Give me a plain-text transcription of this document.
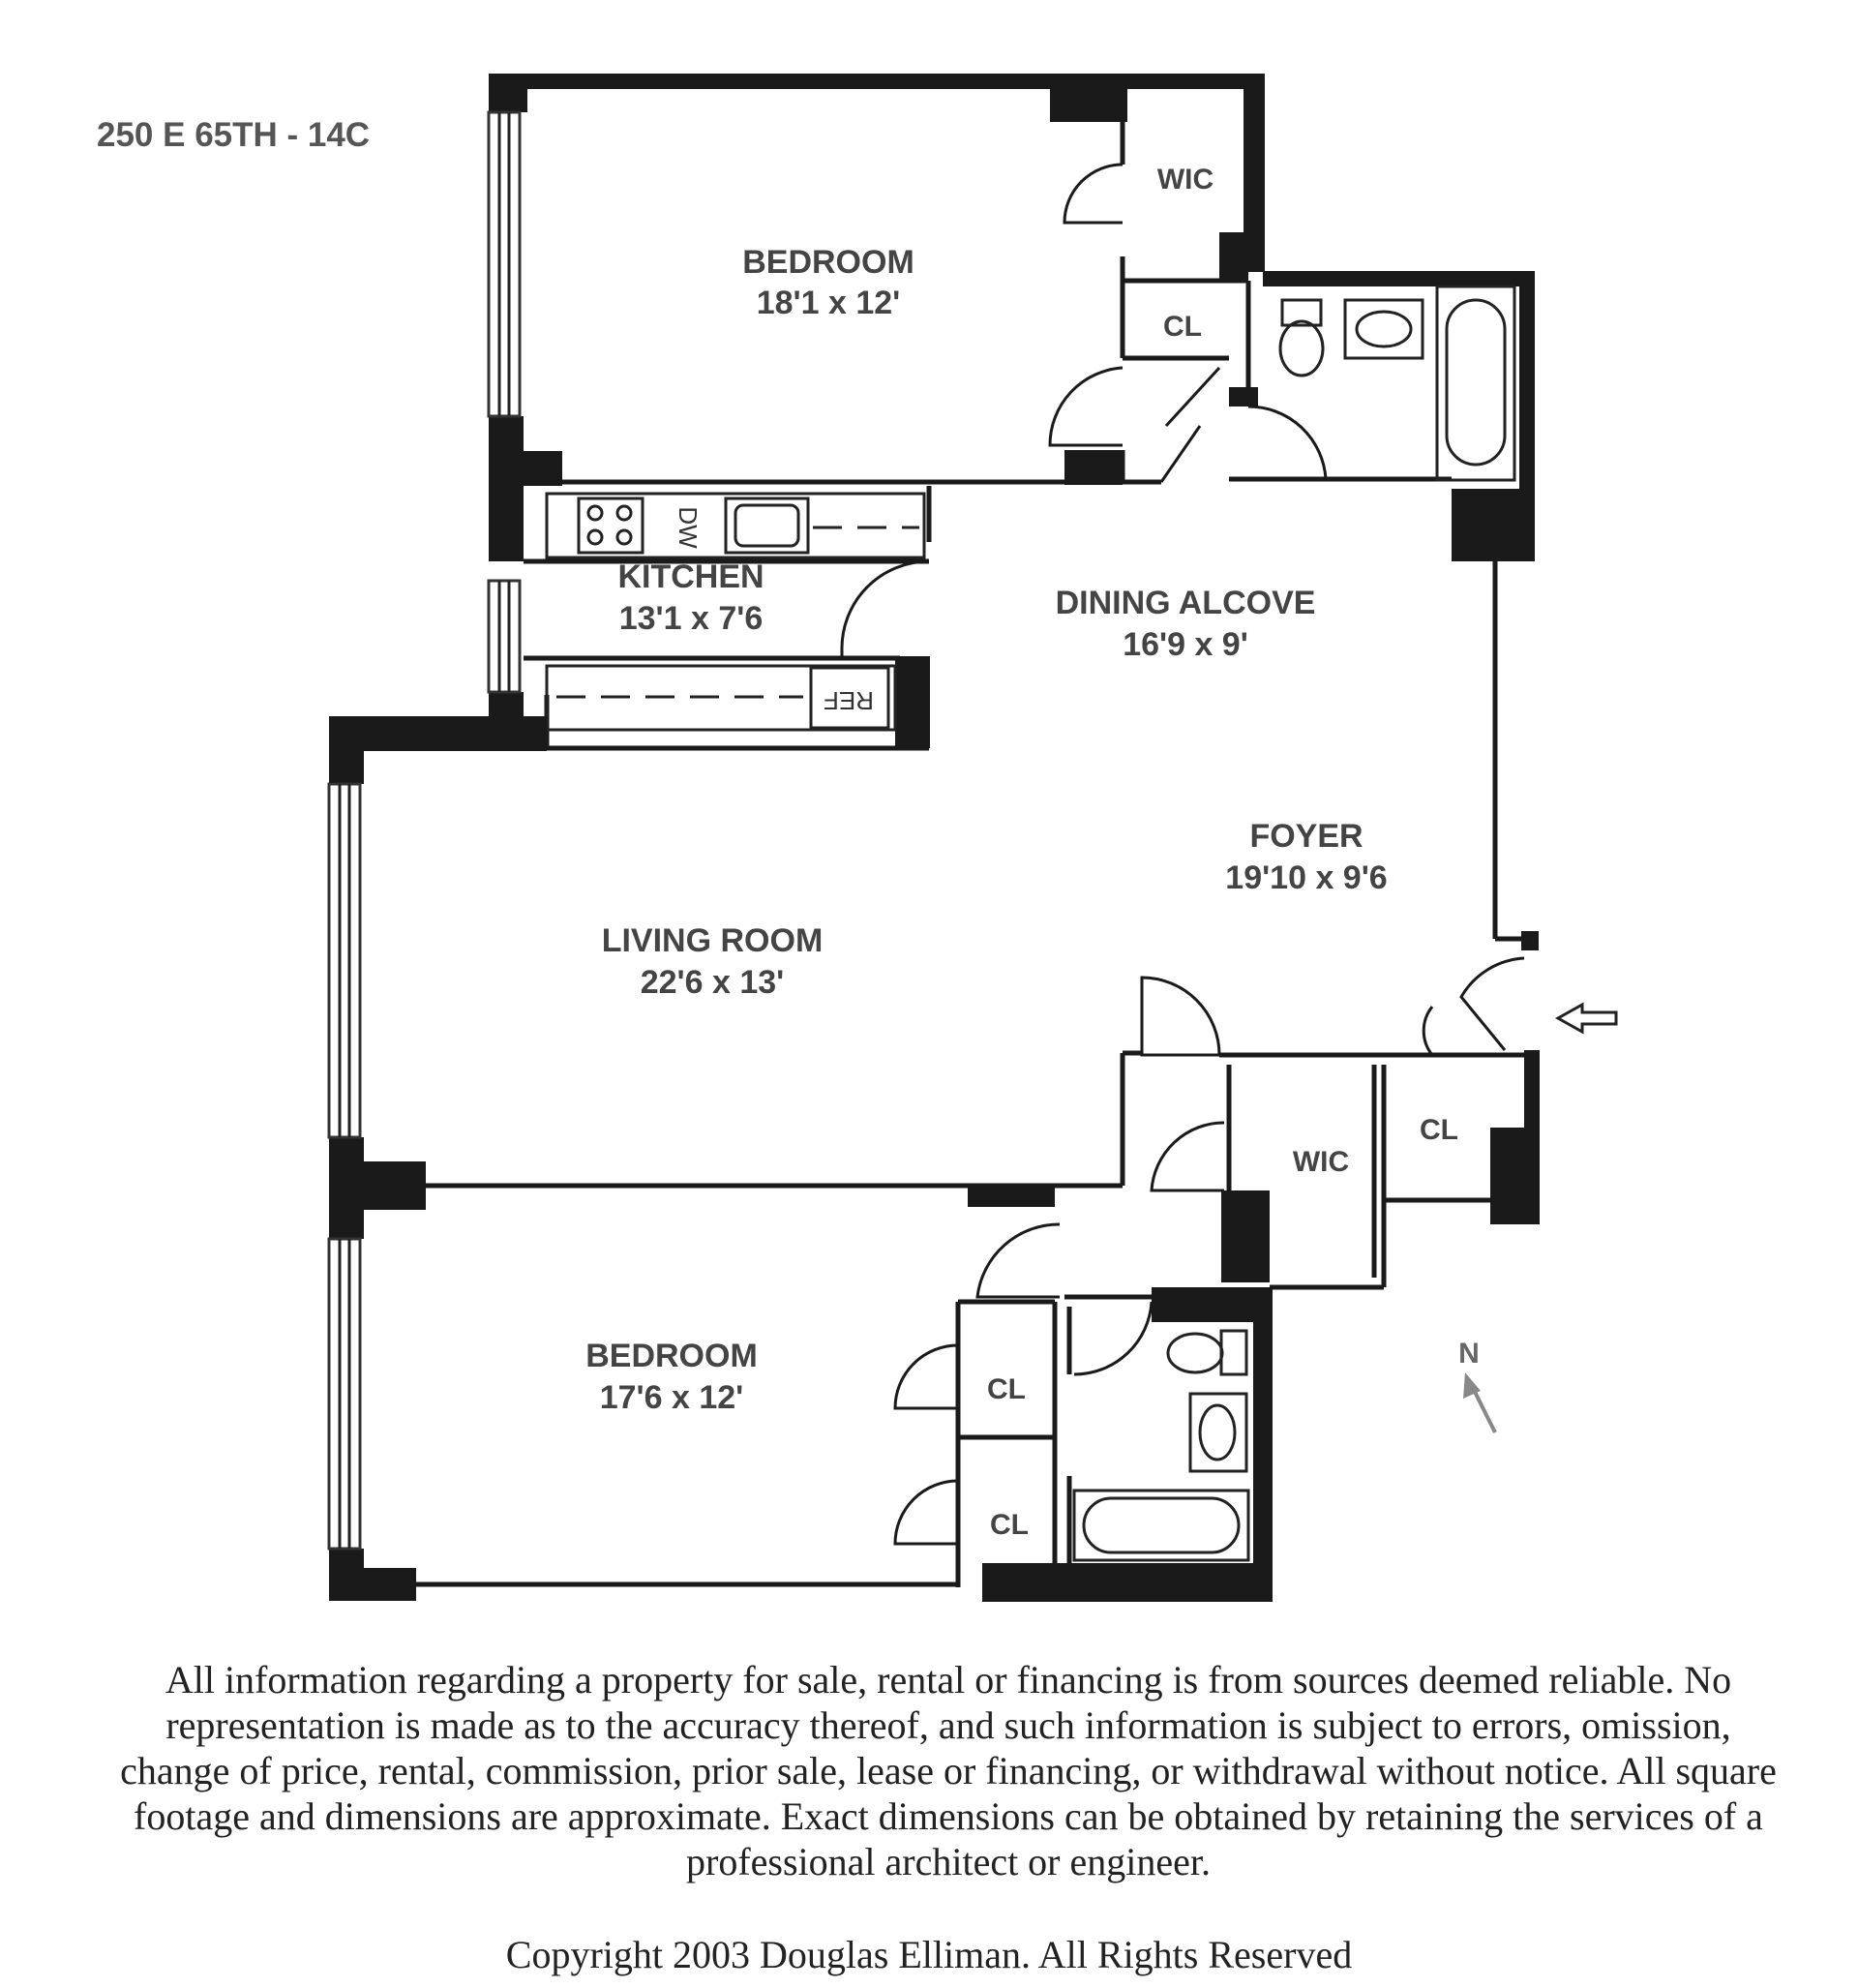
250 E 65TH - 14C
DW
REF
BEDROOM
18'1 x 12'
WIC
CL
KITCHEN
13'1 x 7'6	DINING ALCOVE
16'9 x 9'
FOYER
19'10 x 9'6
LIVING ROOM
22'6 x 13'
WIC
CL
BEDROOM
17'6 x 12'	CL
CL
N
All information regarding a property for sale, rental or financing is from sources deemed reliable. No representation is made as to the accuracy thereof, and such information is subject to errors, omission, change of price, rental, commission, prior sale, lease or financing, or withdrawal without notice. All square footage and dimensions are approximate. Exact dimensions can be obtained by retaining the services of a professional architect or engineer.
Copyright 2003 Douglas Elliman. All Rights Reserved
